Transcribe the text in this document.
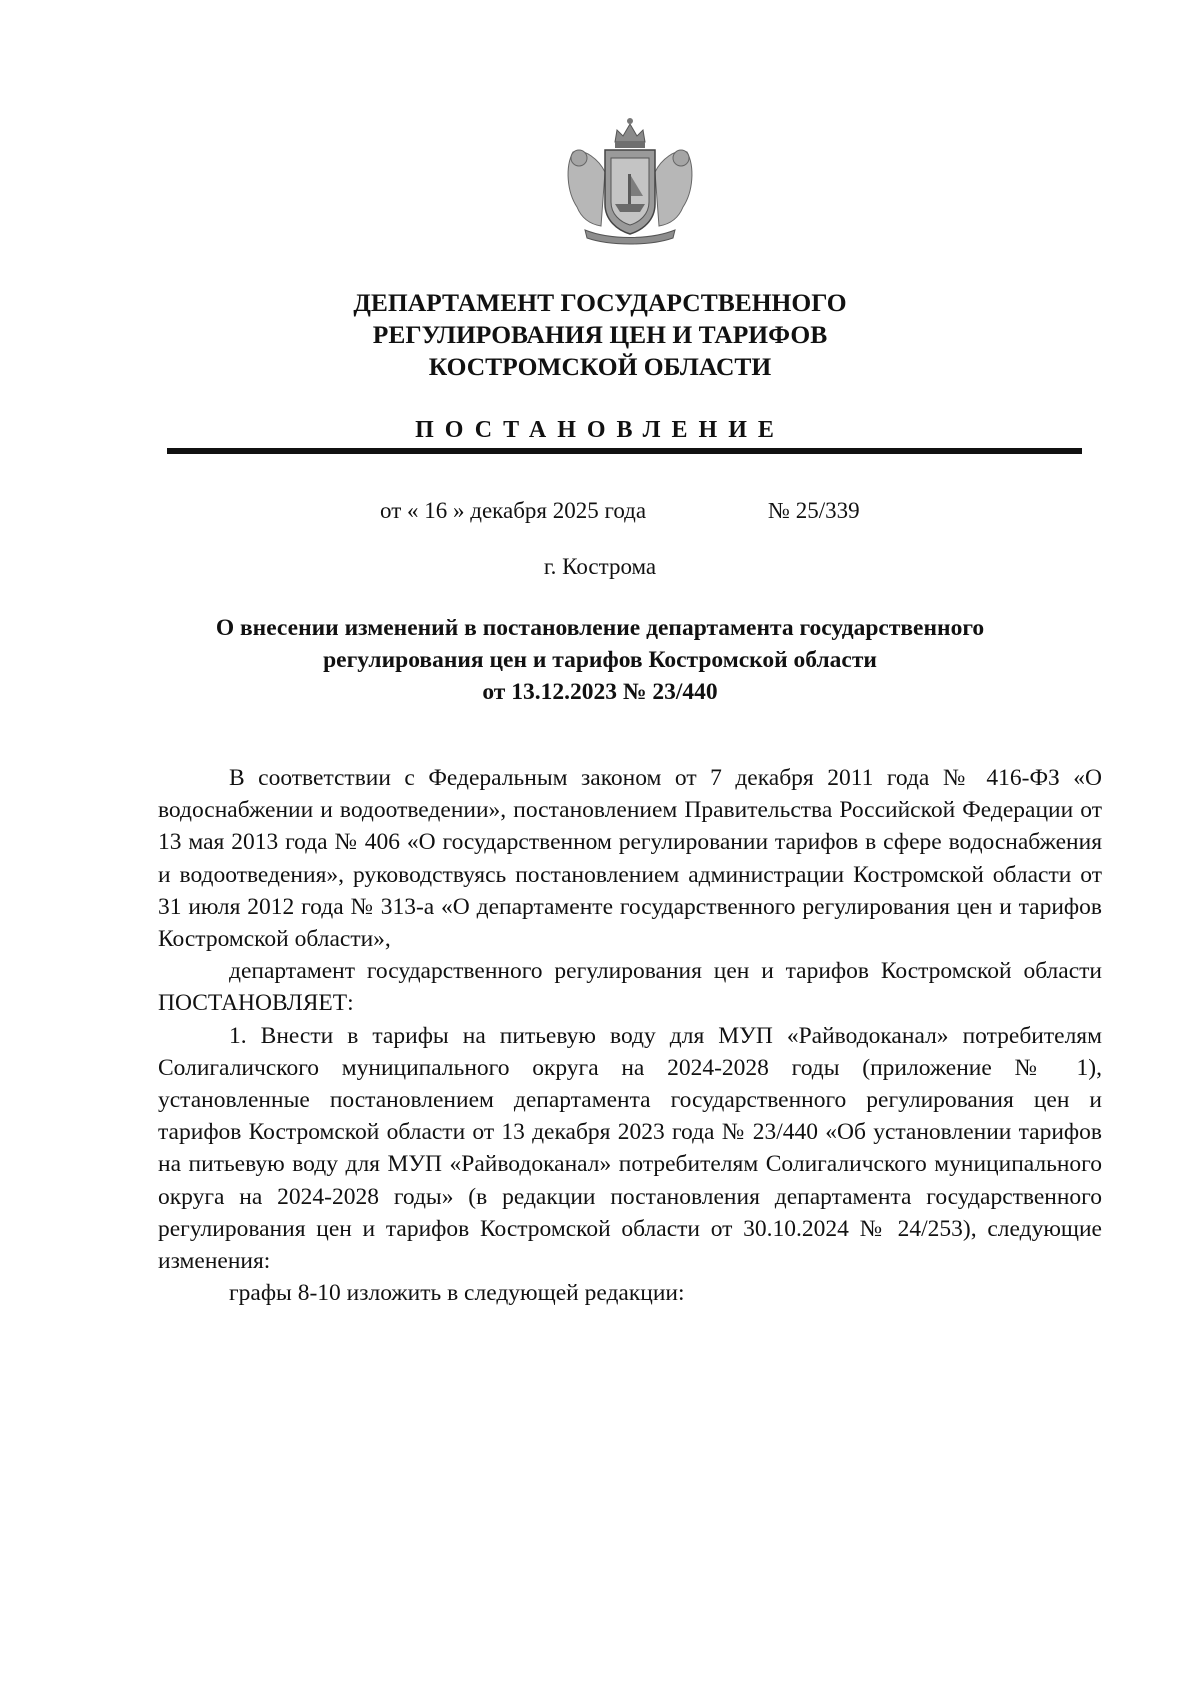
ДЕПАРТАМЕНТ ГОСУДАРСТВЕННОГО
РЕГУЛИРОВАНИЯ ЦЕН И ТАРИФОВ
КОСТРОМСКОЙ ОБЛАСТИ
ПОСТАНОВЛЕНИЕ
от « 16 » декабря 2025 года	№ 25/339
г. Кострома
О внесении изменений в постановление департамента государственного
регулирования цен и тарифов Костромской области
от 13.12.2023 № 23/440

В соответствии с Федеральным законом от 7 декабря 2011 года № 416-ФЗ «О водоснабжении и водоотведении», постановлением Правительства Российской Федерации от 13 мая 2013 года № 406 «О государственном регулировании тарифов в сфере водоснабжения и водоотведения», руководствуясь постановлением администрации Костромской области от 31 июля 2012 года № 313-а «О департаменте государственного регулирования цен и тарифов Костромской области»,

департамент государственного регулирования цен и тарифов Костромской области ПОСТАНОВЛЯЕТ:

1. Внести в тарифы на питьевую воду для МУП «Райводоканал» потребителям Солигаличского муниципального округа на 2024-2028 годы (приложение № 1), установленные постановлением департамента государственного регулирования цен и тарифов Костромской области от 13 декабря 2023 года № 23/440 «Об установлении тарифов на питьевую воду для МУП «Райводоканал» потребителям Солигаличского муниципального округа на 2024-2028 годы» (в редакции постановления департамента государственного регулирования цен и тарифов Костромской области от 30.10.2024 № 24/253), следующие изменения:

графы 8-10 изложить в следующей редакции:
